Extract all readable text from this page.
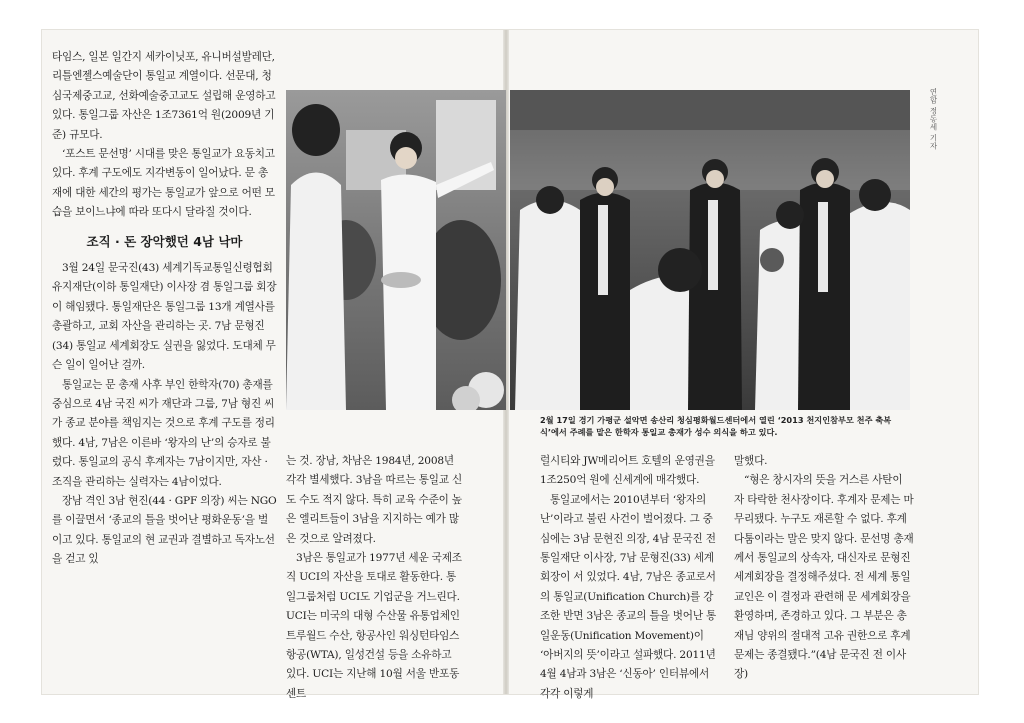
연합 정동세 기자

타임스, 일본 일간지 세카이닛포, 유니버설발레단, 리틀엔젤스예술단이 통일교 계열이다. 선문대, 청심국제중고교, 선화예술중고교도 설립해 운영하고 있다. 통일그룹 자산은 1조7361억 원(2009년 기준) 규모다.

‘포스트 문선명’ 시대를 맞은 통일교가 요동치고 있다. 후계 구도에도 지각변동이 일어났다. 문 총재에 대한 세간의 평가는 통일교가 앞으로 어떤 모습을 보이느냐에 따라 또다시 달라질 것이다.

조직 · 돈 장악했던 4남 낙마

3월 24일 문국진(43) 세계기독교통일신령협회유지재단(이하 통일재단) 이사장 겸 통일그룹 회장이 해임됐다. 통일재단은 통일그룹 13개 계열사를 총괄하고, 교회 자산을 관리하는 곳. 7남 문형진(34) 통일교 세계회장도 실권을 잃었다. 도대체 무슨 일이 일어난 걸까.

통일교는 문 총재 사후 부인 한학자(70) 총재를 중심으로 4남 국진 씨가 재단과 그룹, 7남 형진 씨가 종교 분야를 책임지는 것으로 후계 구도를 정리했다. 4남, 7남은 이른바 ‘왕자의 난’의 승자로 불렸다. 통일교의 공식 후계자는 7남이지만, 자산 · 조직을 관리하는 실력자는 4남이었다.

장남 격인 3남 현진(44 · GPF 의장) 씨는 NGO를 이끌면서 ‘종교의 틀을 벗어난 평화운동’을 벌이고 있다. 통일교의 현 교권과 결별하고 독자노선을 걷고 있

2월 17일 경기 가평군 설악면 송산리 청심평화월드센터에서 열린 ‘2013 천지인참부모 천주 축복식’에서 주례를 맡은 한학자 통일교 총재가 성수 의식을 하고 있다.

는 것. 장남, 차남은 1984년, 2008년 각각 별세했다. 3남을 따르는 통일교 신도 수도 적지 않다. 특히 교육 수준이 높은 엘리트들이 3남을 지지하는 예가 많은 것으로 알려졌다.

3남은 통일교가 1977년 세운 국제조직 UCI의 자산을 토대로 활동한다. 통일그룹처럼 UCI도 기업군을 거느린다. UCI는 미국의 대형 수산물 유통업체인 트루월드 수산, 항공사인 워싱턴타임스항공(WTA), 일성건설 등을 소유하고 있다. UCI는 지난해 10월 서울 반포동 센트

럴시티와 JW메리어트 호텔의 운영권을 1조250억 원에 신세계에 매각했다.

통일교에서는 2010년부터 ‘왕자의 난’이라고 불린 사건이 벌어졌다. 그 중심에는 3남 문현진 의장, 4남 문국진 전 통일재단 이사장, 7남 문형진(33) 세계회장이 서 있었다. 4남, 7남은 종교로서의 통일교(Unification Church)를 강조한 반면 3남은 종교의 틀을 벗어난 통일운동(Unification Movement)이 ‘아버지의 뜻’이라고 설파했다. 2011년 4월 4남과 3남은 ‘신동아’ 인터뷰에서 각각 이렇게

말했다.

“형은 창시자의 뜻을 거스른 사탄이 자 타락한 천사장이다. 후계자 문제는 마무리됐다. 누구도 재론할 수 없다. 후계 다툼이라는 말은 맞지 않다. 문선명 총재께서 통일교의 상속자, 대신자로 문형진 세계회장을 결정해주셨다. 전 세계 통일교인은 이 결정과 관련해 문 세계회장을 환영하며, 존경하고 있다. 그 부분은 총재님 양위의 절대적 고유 권한으로 후계 문제는 종결됐다.”(4남 문국진 전 이사장)
